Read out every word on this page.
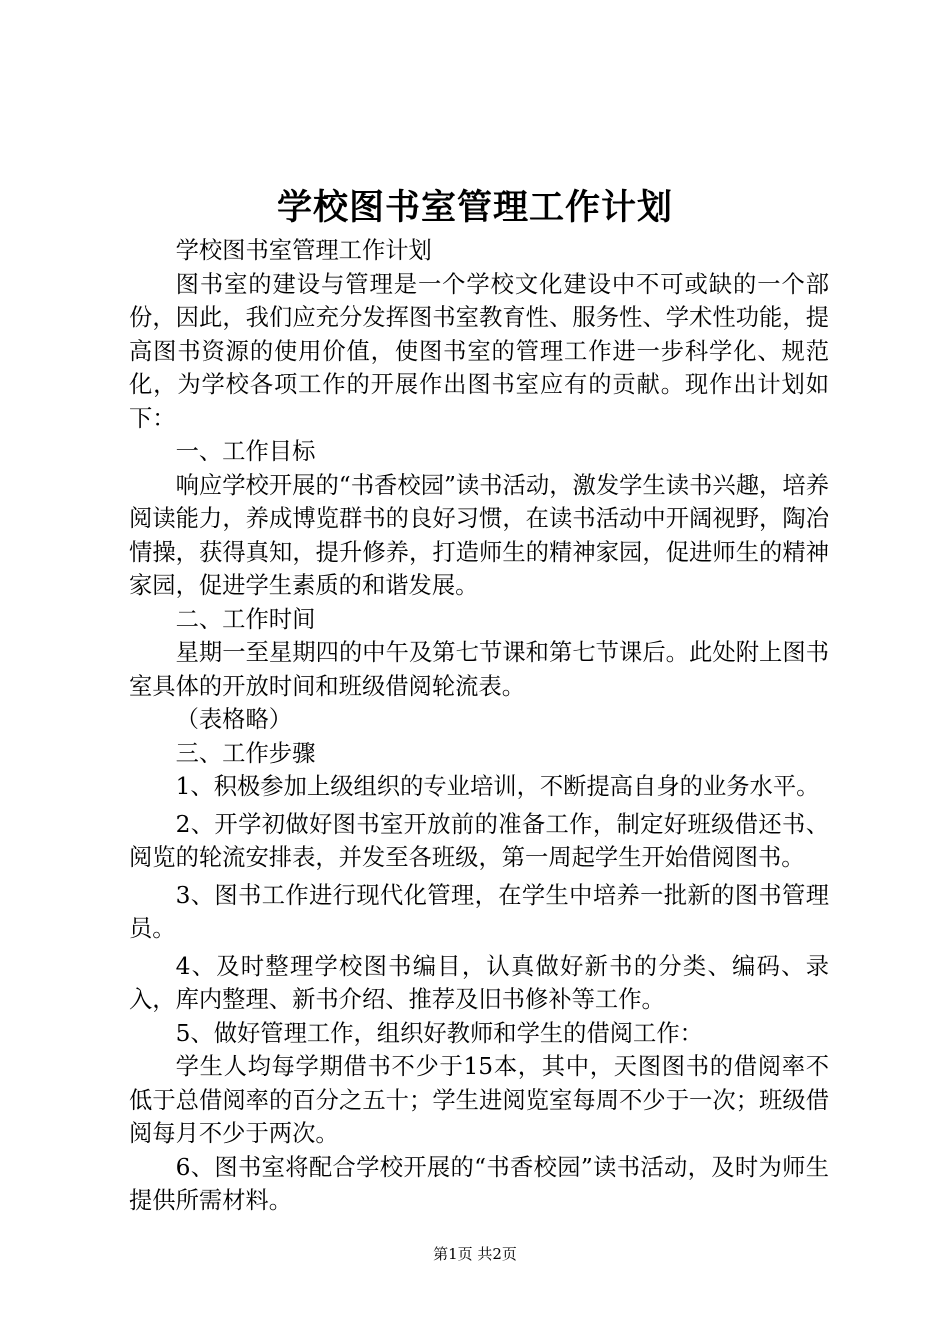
学校图书室管理工作计划

学校图书室管理工作计划

图书室的建设与管理是一个学校文化建设中不可或缺的一个部份，因此，我们应充分发挥图书室教育性、服务性、学术性功能，提高图书资源的使用价值，使图书室的管理工作进一步科学化、规范化，为学校各项工作的开展作出图书室应有的贡献。现作出计划如下：

一、工作目标

响应学校开展的“书香校园”读书活动，激发学生读书兴趣，培养阅读能力，养成博览群书的良好习惯，在读书活动中开阔视野，陶冶情操，获得真知，提升修养，打造师生的精神家园，促进师生的精神家园，促进学生素质的和谐发展。

二、工作时间

星期一至星期四的中午及第七节课和第七节课后。此处附上图书室具体的开放时间和班级借阅轮流表。

（表格略）

三、工作步骤

1、积极参加上级组织的专业培训，不断提高自身的业务水平。

2、开学初做好图书室开放前的准备工作，制定好班级借还书、阅览的轮流安排表，并发至各班级，第一周起学生开始借阅图书。

3、图书工作进行现代化管理，在学生中培养一批新的图书管理员。

4、及时整理学校图书编目，认真做好新书的分类、编码、录入，库内整理、新书介绍、推荐及旧书修补等工作。

5、做好管理工作，组织好教师和学生的借阅工作：

学生人均每学期借书不少于15本，其中，天图图书的借阅率不低于总借阅率的百分之五十；学生进阅览室每周不少于一次；班级借阅每月不少于两次。

6、图书室将配合学校开展的“书香校园”读书活动，及时为师生提供所需材料。

第1页 共2页
